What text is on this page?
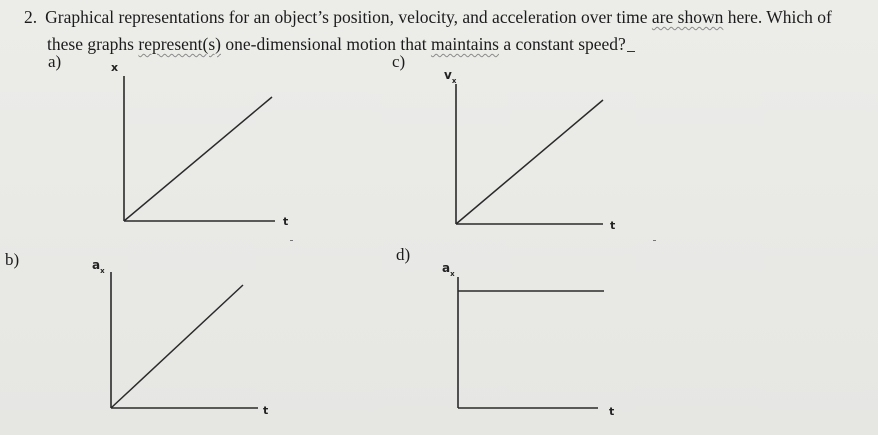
2. Graphical representations for an object’s position, velocity, and acceleration over time are shown here. Which of
these graphs represent(s) one-dimensional motion that maintains a constant speed?
a)	x
t
c)
$v_x$
t
b)	$a_x$
t
d)
$a_x$
t
